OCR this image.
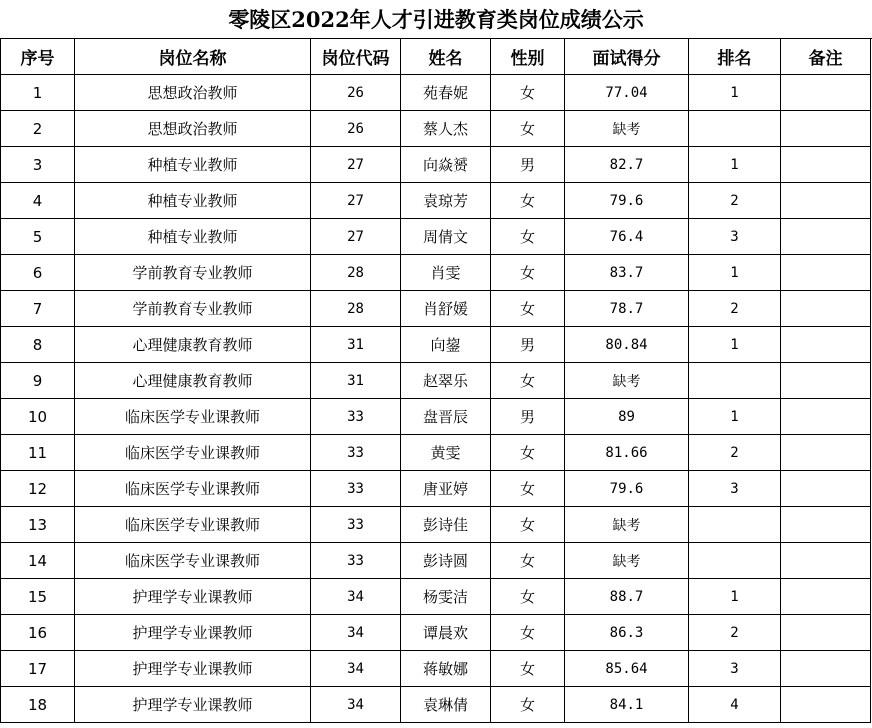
零陵区2022年人才引进教育类岗位成绩公示
序号	岗位名称	岗位代码	姓名	性别	面试得分	排名	备注
1	思想政治教师	26	苑春妮	女	77.04	1	
2	思想政治教师	26	蔡人杰	女	缺考		
3	种植专业教师	27	向焱赟	男	82.7	1	
4	种植专业教师	27	袁琼芳	女	79.6	2	
5	种植专业教师	27	周倩文	女	76.4	3	
6	学前教育专业教师	28	肖雯	女	83.7	1	
7	学前教育专业教师	28	肖舒媛	女	78.7	2	
8	心理健康教育教师	31	向鋆	男	80.84	1	
9	心理健康教育教师	31	赵翠乐	女	缺考		
10	临床医学专业课教师	33	盘晋辰	男	89	1	
11	临床医学专业课教师	33	黄雯	女	81.66	2	
12	临床医学专业课教师	33	唐亚婷	女	79.6	3	
13	临床医学专业课教师	33	彭诗佳	女	缺考		
14	临床医学专业课教师	33	彭诗圆	女	缺考		
15	护理学专业课教师	34	杨雯洁	女	88.7	1	
16	护理学专业课教师	34	谭晨欢	女	86.3	2	
17	护理学专业课教师	34	蒋敏娜	女	85.64	3	
18	护理学专业课教师	34	袁琳倩	女	84.1	4	
